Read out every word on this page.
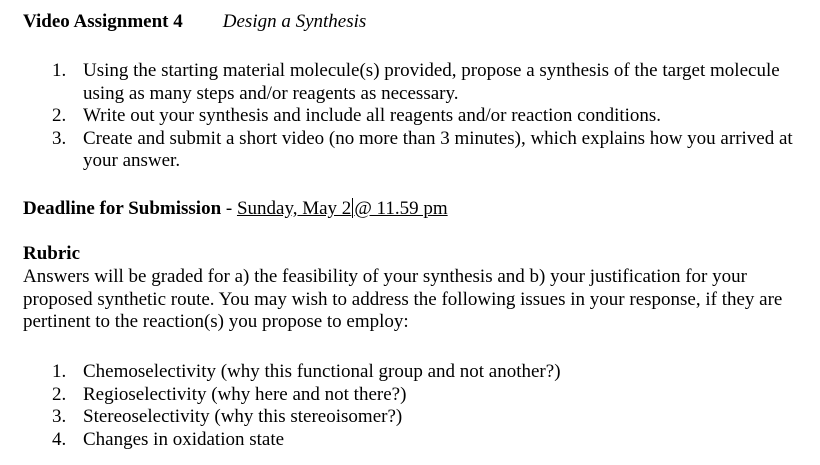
Video Assignment 4 Design a Synthesis
1. Using the starting material molecule(s) provided, propose a synthesis of the target molecule using as many steps and/or reagents as necessary.
2. Write out your synthesis and include all reagents and/or reaction conditions.
3. Create and submit a short video (no more than 3 minutes), which explains how you arrived at your answer.
Deadline for Submission - Sunday, May 2 @ 11.59 pm
Rubric
Answers will be graded for a) the feasibility of your synthesis and b) your justification for your proposed synthetic route. You may wish to address the following issues in your response, if they are pertinent to the reaction(s) you propose to employ:
1. Chemoselectivity (why this functional group and not another?)
2. Regioselectivity (why here and not there?)
3. Stereoselectivity (why this stereoisomer?)
4. Changes in oxidation state
